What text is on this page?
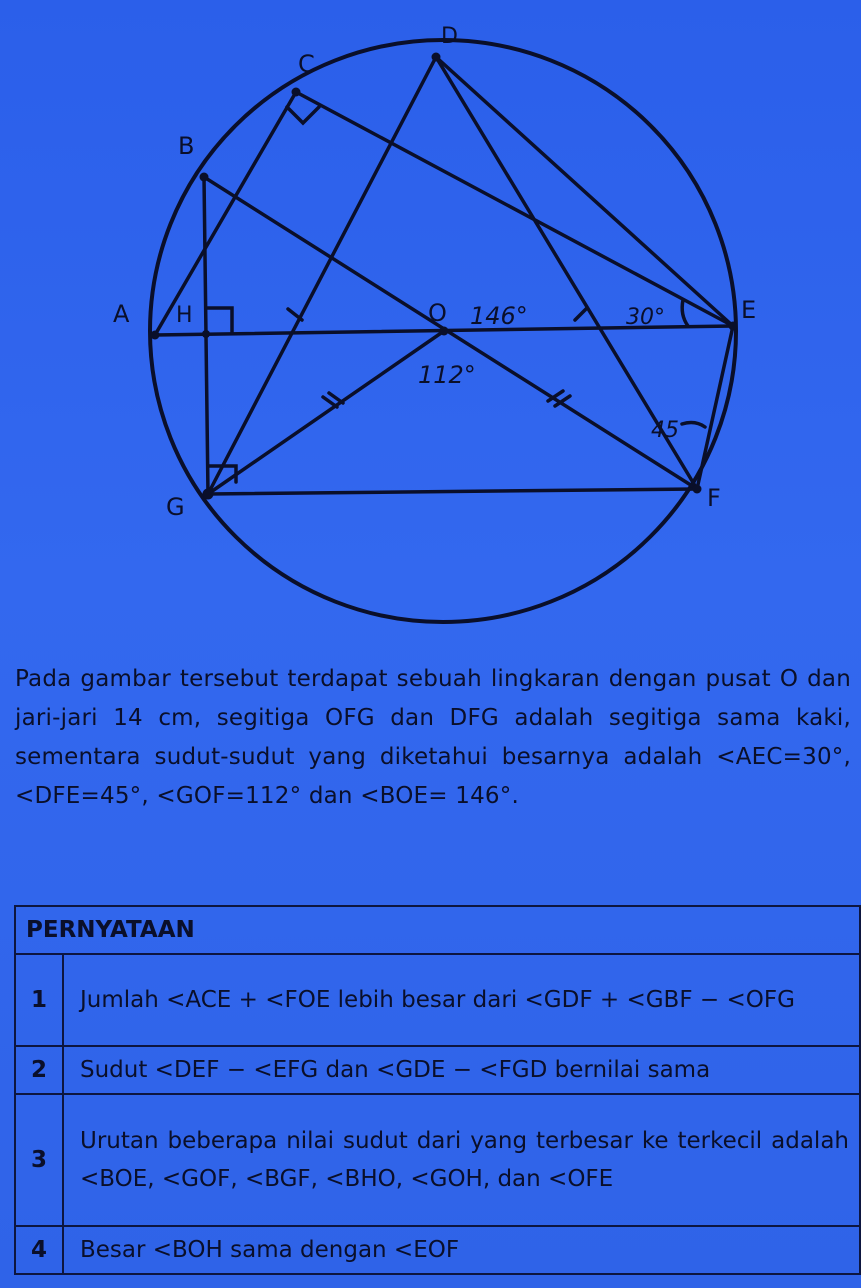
A
B
C
D
E
F
G
H	O 146°	30°
112°
45
Pada gambar tersebut terdapat sebuah lingkaran dengan pusat O dan jari-jari 14 cm, segitiga OFG dan DFG adalah segitiga sama kaki, sementara sudut-sudut yang diketahui besarnya adalah <AEC=30°, <DFE=45°, <GOF=112° dan <BOE= 146°.
PERNYATAAN	
1	Jumlah <ACE + <FOE lebih besar dari <GDF + <GBF − <OFG
2	Sudut <DEF − <EFG dan <GDE − <FGD bernilai sama
3	Urutan beberapa nilai sudut dari yang terbesar ke terkecil adalah <BOE, <GOF, <BGF, <BHO, <GOH, dan <OFE
4	Besar <BOH sama dengan <EOF
